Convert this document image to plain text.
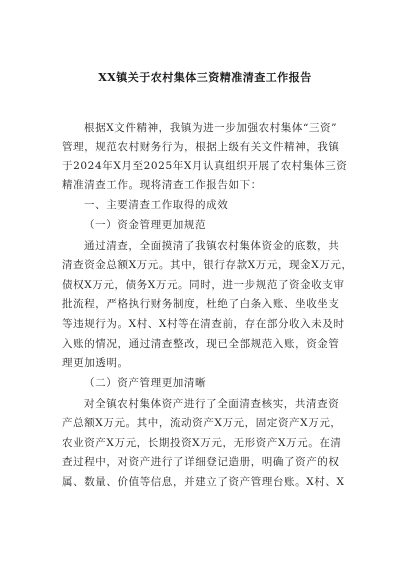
XX镇关于农村集体三资精准清查工作报告
根据X文件精神，我镇为进一步加强农村集体“三资”
管理，规范农村财务行为，根据上级有关文件精神，我镇
于2024年X月至2025年X月认真组织开展了农村集体三资
精准清查工作。现将清查工作报告如下：
一、主要清查工作取得的成效
（一）资金管理更加规范
通过清查，全面摸清了我镇农村集体资金的底数，共
清查资金总额X万元。其中，银行存款X万元，现金X万元，
债权X万元，债务X万元。同时，进一步规范了资金收支审
批流程，严格执行财务制度，杜绝了白条入账、坐收坐支
等违规行为。X村、X村等在清查前，存在部分收入未及时
入账的情况，通过清查整改，现已全部规范入账，资金管
理更加透明。
（二）资产管理更加清晰
对全镇农村集体资产进行了全面清查核实，共清查资
产总额X万元。其中，流动资产X万元，固定资产X万元，
农业资产X万元，长期投资X万元，无形资产X万元。在清
查过程中，对资产进行了详细登记造册，明确了资产的权
属、数量、价值等信息，并建立了资产管理台账。X村、X
